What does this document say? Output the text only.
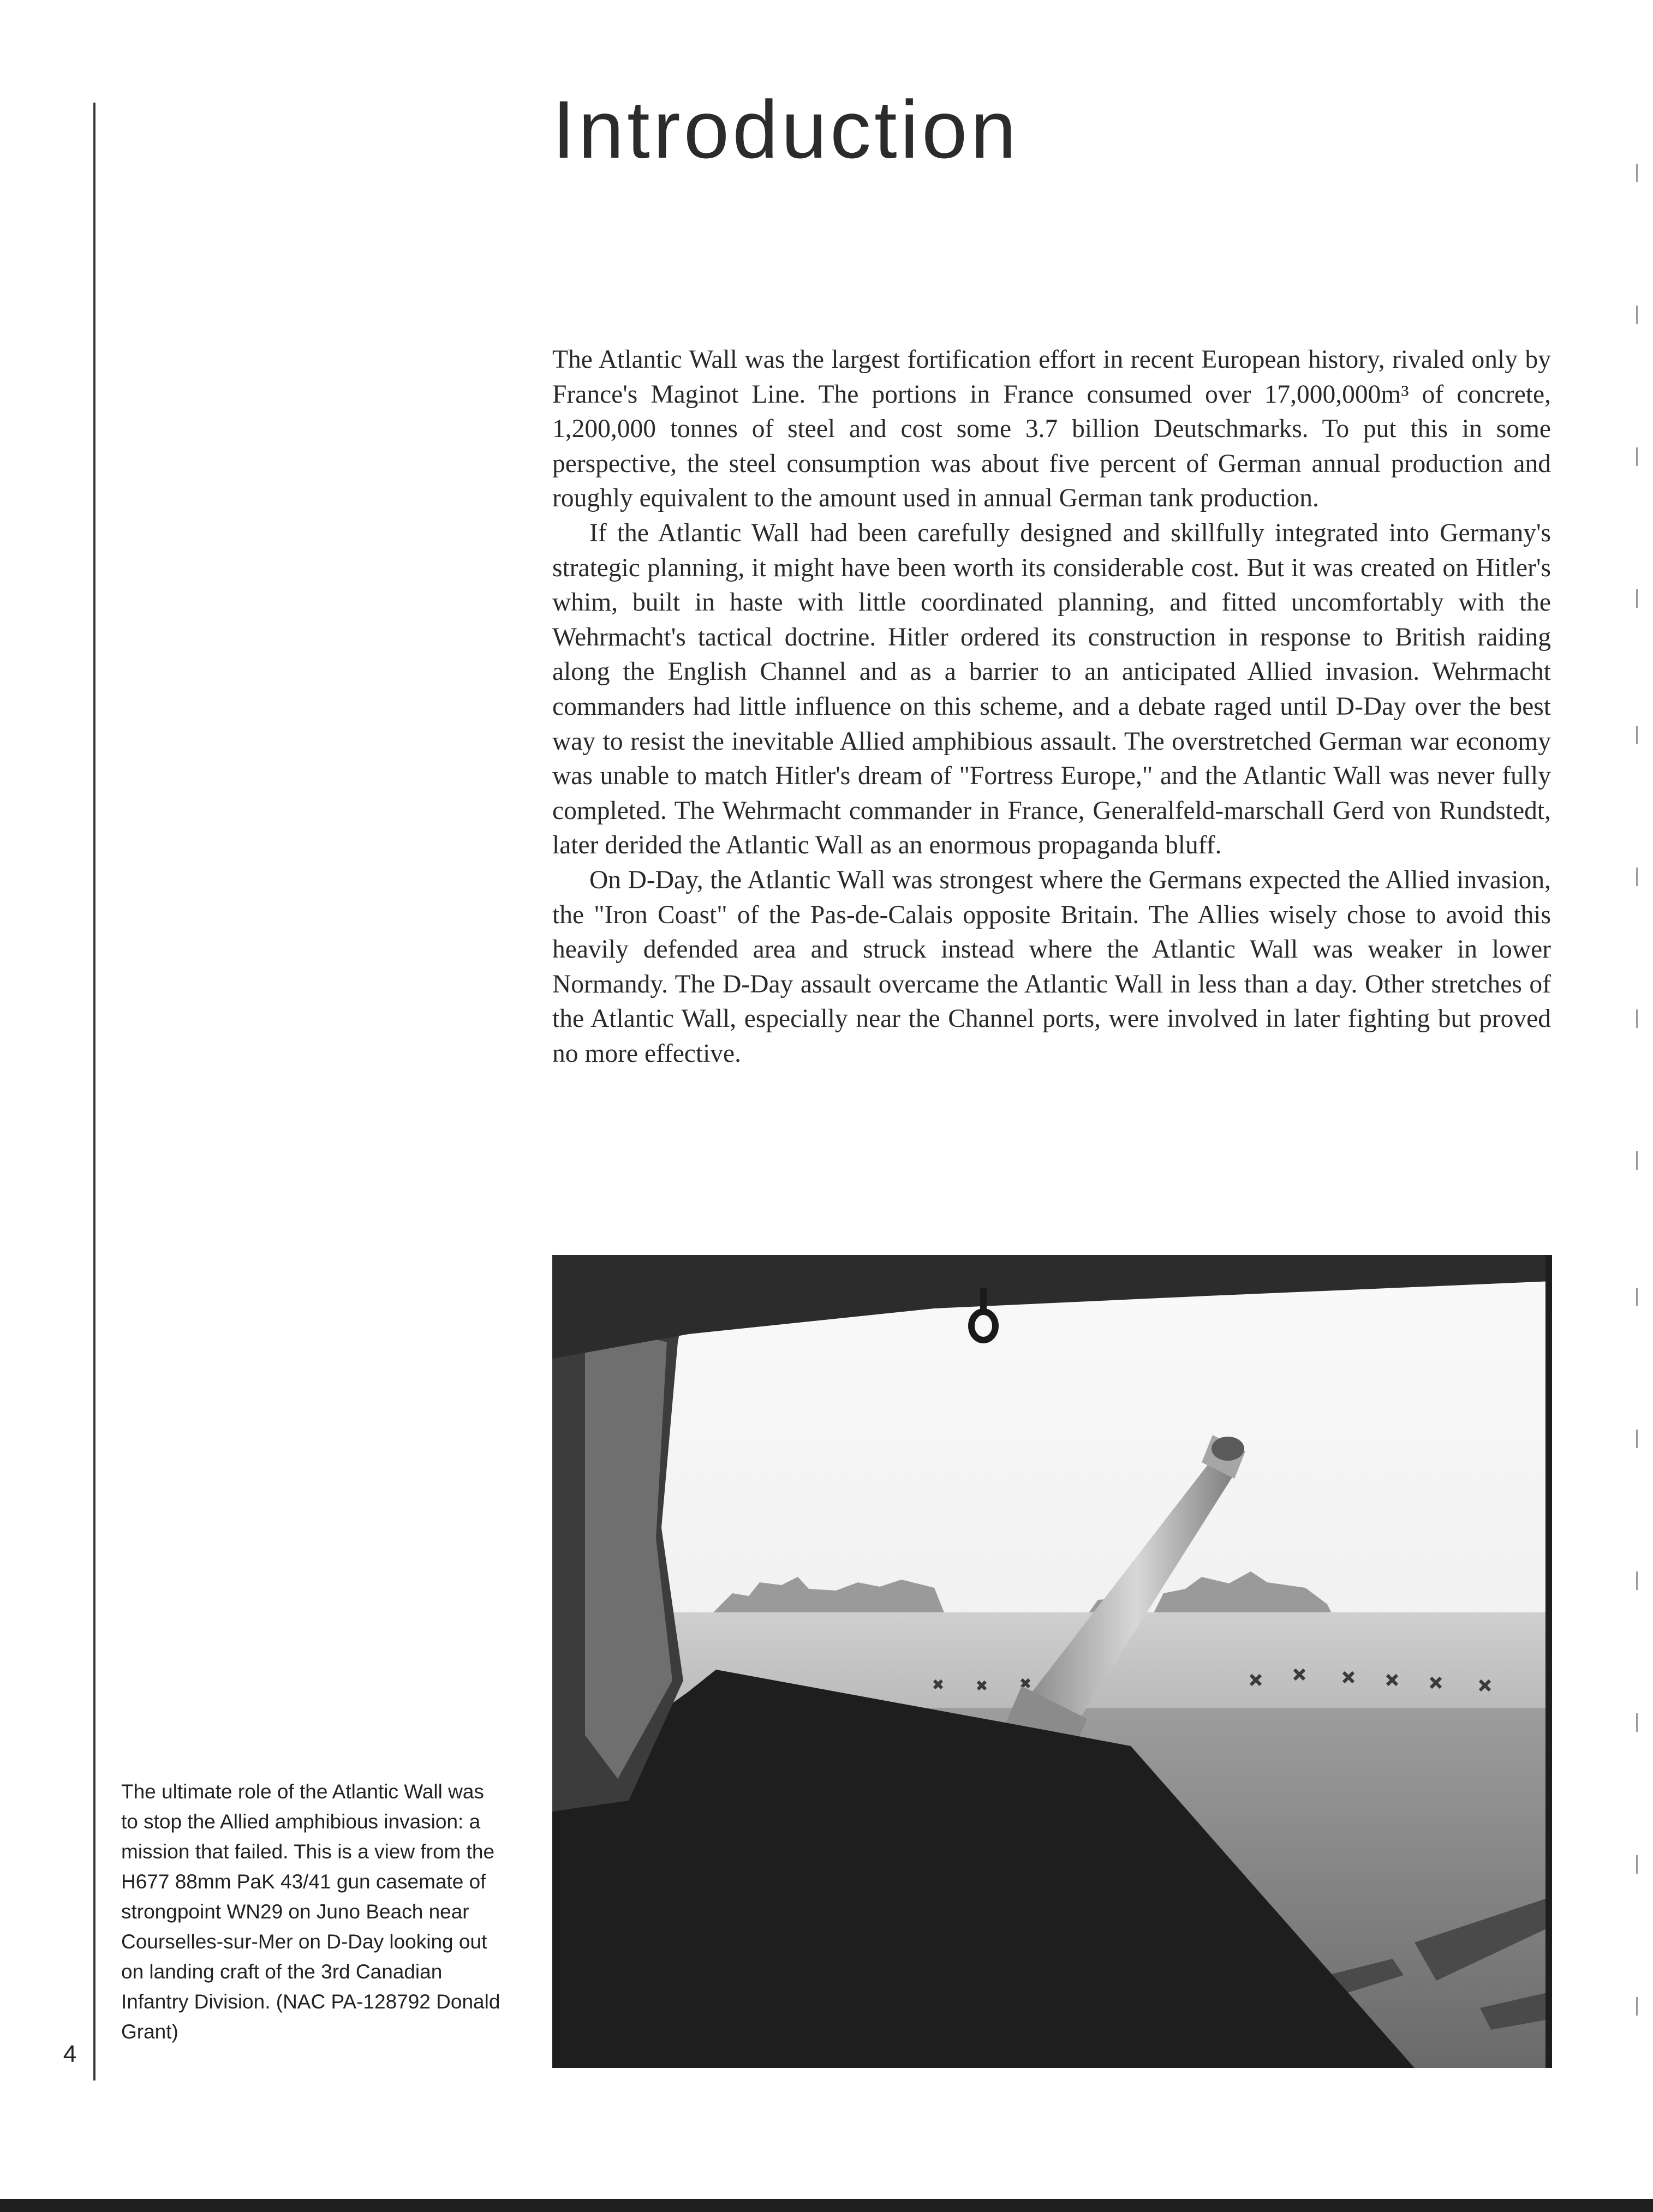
4
Introduction

The Atlantic Wall was the largest fortification effort in recent European history, rivaled only by France's Maginot Line. The portions in France consumed over 17,000,000m³ of concrete, 1,200,000 tonnes of steel and cost some 3.7 billion Deutschmarks. To put this in some perspective, the steel consumption was about five percent of German annual production and roughly equivalent to the amount used in annual German tank production.

If the Atlantic Wall had been carefully designed and skillfully integrated into Germany's strategic planning, it might have been worth its considerable cost. But it was created on Hitler's whim, built in haste with little coordinated planning, and fitted uncomfortably with the Wehrmacht's tactical doctrine. Hitler ordered its construction in response to British raiding along the English Channel and as a barrier to an anticipated Allied invasion. Wehrmacht commanders had little influence on this scheme, and a debate raged until D-Day over the best way to resist the inevitable Allied amphibious assault. The overstretched German war economy was unable to match Hitler's dream of "Fortress Europe," and the Atlantic Wall was never fully completed. The Wehrmacht commander in France, Generalfeld-marschall Gerd von Rundstedt, later derided the Atlantic Wall as an enormous propaganda bluff.

On D-Day, the Atlantic Wall was strongest where the Germans expected the Allied invasion, the "Iron Coast" of the Pas-de-Calais opposite Britain. The Allies wisely chose to avoid this heavily defended area and struck instead where the Atlantic Wall was weaker in lower Normandy. The D-Day assault overcame the Atlantic Wall in less than a day. Other stretches of the Atlantic Wall, especially near the Channel ports, were involved in later fighting but proved no more effective.

The ultimate role of the Atlantic Wall was to stop the Allied amphibious invasion: a mission that failed. This is a view from the H677 88mm PaK 43/41 gun casemate of strongpoint WN29 on Juno Beach near Courselles-sur-Mer on D-Day looking out on landing craft of the 3rd Canadian Infantry Division. (NAC PA-128792 Donald Grant)
